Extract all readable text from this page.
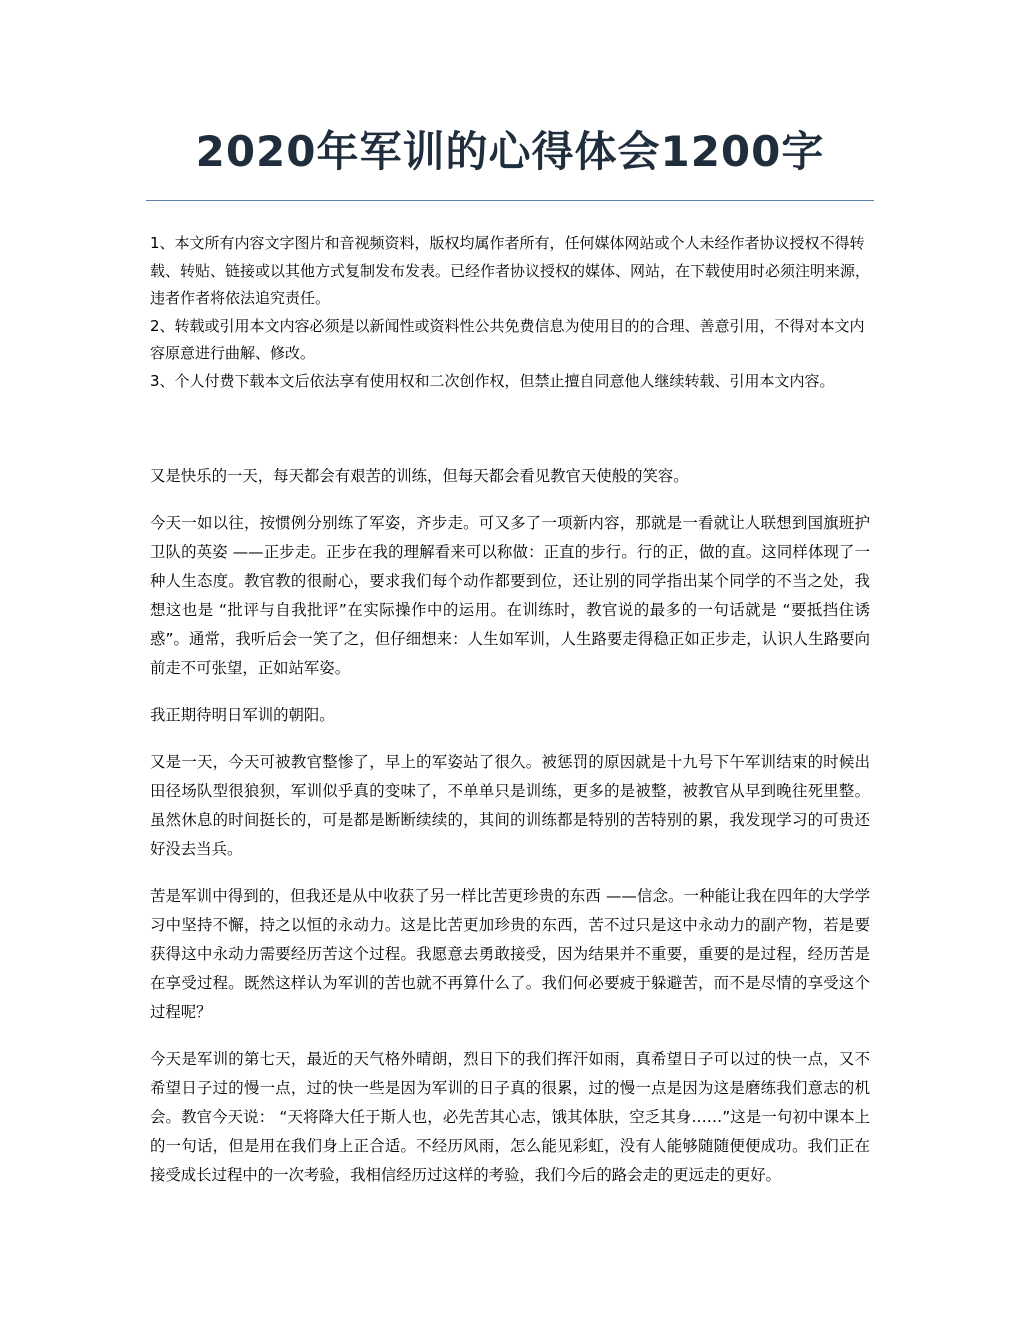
2020年军训的心得体会1200字

1、本文所有内容文字图片和音视频资料，版权均属作者所有，任何媒体网站或个人未经作者协议授权不得转载、转贴、链接或以其他方式复制发布发表。已经作者协议授权的媒体、网站，在下载使用时必须注明来源，违者作者将依法追究责任。

2、转载或引用本文内容必须是以新闻性或资料性公共免费信息为使用目的的合理、善意引用，不得对本文内容原意进行曲解、修改。

3、个人付费下载本文后依法享有使用权和二次创作权，但禁止擅自同意他人继续转载、引用本文内容。

又是快乐的一天，每天都会有艰苦的训练，但每天都会看见教官天使般的笑容。

今天一如以往，按惯例分别练了军姿，齐步走。可又多了一项新内容，那就是一看就让人联想到国旗班护卫队的英姿 ——正步走。正步在我的理解看来可以称做：正直的步行。行的正，做的直。这同样体现了一种人生态度。教官教的很耐心，要求我们每个动作都要到位，还让别的同学指出某个同学的不当之处，我想这也是 “批评与自我批评”在实际操作中的运用。在训练时，教官说的最多的一句话就是 “要抵挡住诱惑”。通常，我听后会一笑了之，但仔细想来：人生如军训，人生路要走得稳正如正步走，认识人生路要向前走不可张望，正如站军姿。

我正期待明日军训的朝阳。

又是一天，今天可被教官整惨了，早上的军姿站了很久。被惩罚的原因就是十九号下午军训结束的时候出田径场队型很狼狈，军训似乎真的变味了，不单单只是训练，更多的是被整，被教官从早到晚往死里整。虽然休息的时间挺长的，可是都是断断续续的，其间的训练都是特别的苦特别的累，我发现学习的可贵还好没去当兵。

苦是军训中得到的，但我还是从中收获了另一样比苦更珍贵的东西 ——信念。一种能让我在四年的大学学习中坚持不懈，持之以恒的永动力。这是比苦更加珍贵的东西，苦不过只是这中永动力的副产物，若是要获得这中永动力需要经历苦这个过程。我愿意去勇敢接受，因为结果并不重要，重要的是过程，经历苦是在享受过程。既然这样认为军训的苦也就不再算什么了。我们何必要疲于躲避苦，而不是尽情的享受这个过程呢？

今天是军训的第七天，最近的天气格外晴朗，烈日下的我们挥汗如雨，真希望日子可以过的快一点，又不希望日子过的慢一点，过的快一些是因为军训的日子真的很累，过的慢一点是因为这是磨练我们意志的机会。教官今天说： “天将降大任于斯人也，必先苦其心志，饿其体肤，空乏其身……”这是一句初中课本上的一句话，但是用在我们身上正合适。不经历风雨，怎么能见彩虹，没有人能够随随便便成功。我们正在接受成长过程中的一次考验，我相信经历过这样的考验，我们今后的路会走的更远走的更好。
